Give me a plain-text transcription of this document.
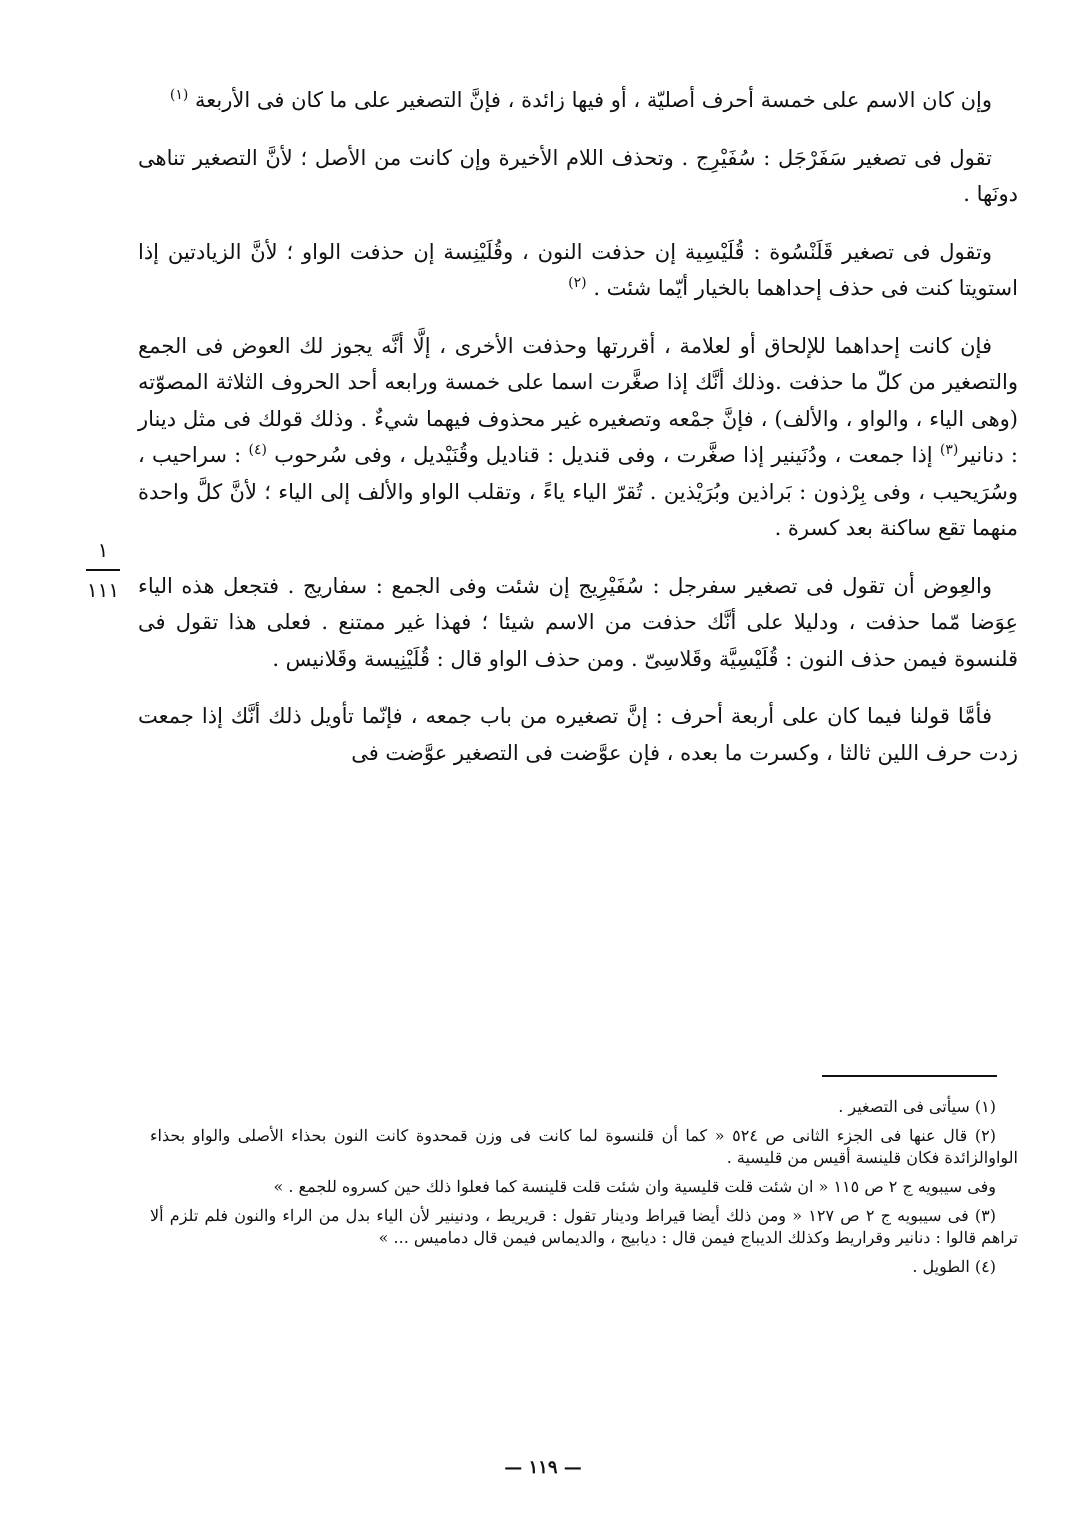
وإن كان الاسم على خمسة أحرف أصليّة ، أو فيها زائدة ، فإنَّ التصغير على ما كان فى الأربعة $^{(١)}$

تقول فى تصغير سَفَرْجَل : سُفَيْرِج . وتحذف اللام الأخيرة وإن كانت من الأصل ؛ لأنَّ التصغير تناهى دونَها .

وتقول فى تصغير قَلَنْسُوة : قُلَيْسِية إن حذفت النون ، وقُلَيْنِسة إن حذفت الواو ؛ لأنَّ الزيادتين إذا استويتا كنت فى حذف إحداهما بالخيار أيّما شئت . $^{(٢)}$

فإن كانت إحداهما للإلحاق أو لعلامة ، أقررتها وحذفت الأخرى ، إلَّا أنَّه يجوز لك العوض فى الجمع والتصغير من كلّ ما حذفت .وذلك أنَّك إذا صغَّرت اسما على خمسة ورابعه أحد الحروف الثلاثة المصوّته (وهى الياء ، والواو ، والألف) ، فإنَّ جمْعه وتصغيره غير محذوف فيهما شيءٌ . وذلك قولك فى مثل دينار : دنانير$^{(٣)}$ إذا جمعت ، ودُنَينير إذا صغَّرت ، وفى قنديل : قناديل وقُنَيْديل ، وفى سُرحوب $^{(٤)}$ : سراحيب ، وسُرَيحيب ، وفى بِرْذون : بَراذين وبُرَيْذين . تُقرّ الياء ياءً ، وتقلب الواو والألف إلى الياء ؛ لأنَّ كلَّ واحدة منهما تقع ساكنة بعد كسرة .

والعِوض أن تقول فى تصغير سفرجل : سُفَيْرِيج إن شئت وفى الجمع : سفاريج . فتجعل هذه الياء عِوَضا مّما حذفت ، ودليلا على أنَّك حذفت من الاسم شيئا ؛ فهذا غير ممتنع . فعلى هذا تقول فى قلنسوة فيمن حذف النون : قُلَيْسِيَّة وقَلاسِىّ . ومن حذف الواو قال : قُلَيْنِيسة وقَلانيس .

فأمَّا قولنا فيما كان على أربعة أحرف : إنَّ تصغيره من باب جمعه ، فإنّما تأويل ذلك أنَّك إذا جمعت زدت حرف اللين ثالثا ، وكسرت ما بعده ، فإن عوَّضت فى التصغير عوَّضت فى

١
١١١

(١) سيأتى فى التصغير .

(٢) قال عنها فى الجزء الثانى ص ٥٢٤ « كما أن قلنسوة لما كانت فى وزن قمحدوة كانت النون بحذاء الأصلى والواو بحذاء الواوالزائدة فكان قلينسة أقيس من قليسية .

وفى سيبويه ج ٢ ص ١١٥ « ان شئت قلت قليسية وان شئت قلت قلينسة كما فعلوا ذلك حين كسروه للجمع . »

(٣) فى سيبويه ج ٢ ص ١٢٧ « ومن ذلك أيضا قيراط ودينار تقول : قريريط ، ودنينير لأن الياء بدل من الراء والنون فلم تلزم ألا تراهم قالوا : دنانير وقراريط وكذلك الديباج فيمن قال : ديابيج ، والديماس فيمن قال دماميس ... »

(٤) الطويل .

— ١١٩ —
